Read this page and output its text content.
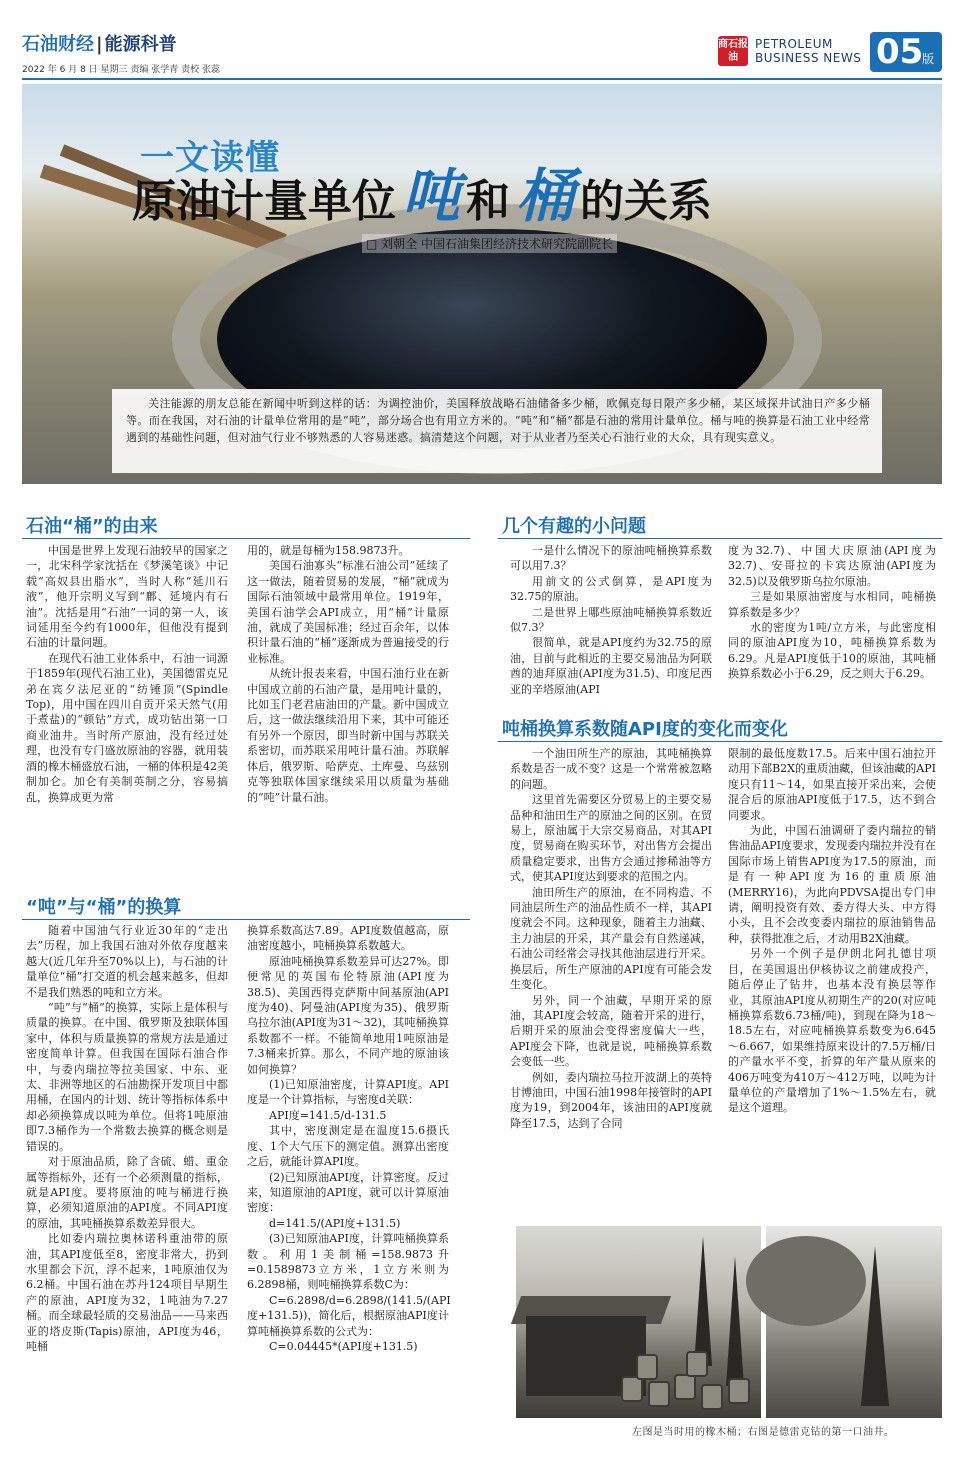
石油财经 | 能源科普
2022 年 6 月 8 日 星期三 责编 张学青 责校 张蕊
商石报油
PETROLEUM
BUSINESS NEWS 05
版
一文读懂
原油计量单位 吨 和 桶 的关系
□ 刘朝全 中国石油集团经济技术研究院副院长
关注能源的朋友总能在新闻中听到这样的话：为调控油价，美国释放战略石油储备多少桶，欧佩克每日限产多少桶，某区域探井试油日产多少桶等。而在我国，对石油的计量单位常用的是“吨”，部分场合也有用立方米的。“吨”和“桶”都是石油的常用计量单位。桶与吨的换算是石油工业中经常遇到的基础性问题，但对油气行业不够熟悉的人容易迷惑。搞清楚这个问题，对于从业者乃至关心石油行业的大众，具有现实意义。
石油“桶”的由来

中国是世界上发现石油较早的国家之一，北宋科学家沈括在《梦溪笔谈》中记载“高奴县出脂水”，当时人称“延川石液”，他开宗明义写到“鄜、延境内有石油”。沈括是用“石油”一词的第一人，该词延用至今约有1000年，但他没有提到石油的计量问题。

在现代石油工业体系中，石油一词源于1859年(现代石油工业)，美国德雷克兄弟在宾夕法尼亚的“纺锤顶”(Spindle Top)，用中国在四川自贡开采天然气(用于煮盐)的“顿钻”方式，成功钻出第一口商业油井。当时所产原油，没有经过处理，也没有专门盛放原油的容器，就用装酒的橡木桶盛放石油，一桶的体积是42美制加仑。加仑有美制英制之分，容易搞乱，换算成更为常

用的，就是每桶为158.9873升。

美国石油寡头“标准石油公司”延续了这一做法，随着贸易的发展，“桶”就成为国际石油领域中最常用单位。1919年，美国石油学会API成立，用“桶”计量原油，就成了美国标准；经过百余年，以体积计量石油的“桶”逐渐成为普遍接受的行业标准。

从统计报表来看，中国石油行业在新中国成立前的石油产量，是用吨计量的，比如玉门老君庙油田的产量。新中国成立后，这一做法继续沿用下来，其中可能还有另外一个原因，即当时新中国与苏联关系密切，而苏联采用吨计量石油。苏联解体后，俄罗斯、哈萨克、土库曼、乌兹别克等独联体国家继续采用以质量为基础的“吨”计量石油。

“吨”与“桶”的换算

随着中国油气行业近30年的“走出去”历程，加上我国石油对外依存度越来越大(近几年升至70%以上)，与石油的计量单位“桶”打交道的机会越来越多，但却不是我们熟悉的吨和立方米。

“吨”与“桶”的换算，实际上是体积与质量的换算。在中国、俄罗斯及独联体国家中，体积与质量换算的常规方法是通过密度简单计算。但我国在国际石油合作中，与委内瑞拉等拉美国家、中东、亚太、非洲等地区的石油勘探开发项目中都用桶，在国内的计划、统计等指标体系中却必须换算成以吨为单位。但将1吨原油即7.3桶作为一个常数去换算的概念则是错误的。

对于原油品质，除了含硫、蜡、重金属等指标外，还有一个必须测量的指标，就是API度。要将原油的吨与桶进行换算，必须知道原油的API度。不同API度的原油，其吨桶换算系数差异很大。

比如委内瑞拉奥林诺科重油带的原油，其API度低至8，密度非常大，扔到水里都会下沉，浮不起来，1吨原油仅为6.2桶。中国石油在苏丹124项目早期生产的原油，API度为32，1吨油为7.27桶。而全球最轻质的交易油品——马来西亚的塔皮斯(Tapis)原油，API度为46，吨桶

换算系数高达7.89。API度数值越高，原油密度越小，吨桶换算系数越大。

原油吨桶换算系数差异可达27%。即便常见的英国布伦特原油(API度为38.5)、美国西得克萨斯中间基原油(API度为40)、阿曼油(API度为35)、俄罗斯乌拉尔油(API度为31～32)，其吨桶换算系数都不一样。不能简单地用1吨原油是7.3桶来折算。那么，不同产地的原油该如何换算？

(1)已知原油密度，计算API度。API度是一个计算指标，与密度d关联：

API度=141.5/d-131.5

其中，密度测定是在温度15.6摄氏度、1个大气压下的测定值。测算出密度之后，就能计算API度。

(2)已知原油API度，计算密度。反过来，知道原油的API度，就可以计算原油密度：

d=141.5/(API度+131.5)

(3)已知原油API度，计算吨桶换算系数。利用1美制桶=158.9873升=0.1589873立方米，1立方米则为6.2898桶，则吨桶换算系数C为：

C=6.2898/d=6.2898/(141.5/(API度+131.5))，简化后，根据原油API度计算吨桶换算系数的公式为：

C=0.04445*(API度+131.5)

几个有趣的小问题

一是什么情况下的原油吨桶换算系数可以用7.3？

用前文的公式倒算，是API度为32.75的原油。

二是世界上哪些原油吨桶换算系数近似7.3？

很简单，就是API度约为32.75的原油，目前与此相近的主要交易油品为阿联酋的迪拜原油(API度为31.5)、印度尼西亚的辛塔原油(API

度为32.7)、中国大庆原油(API度为32.7)、安哥拉的卡宾达原油(API度为32.5)以及俄罗斯乌拉尔原油。

三是如果原油密度与水相同，吨桶换算系数是多少？

水的密度为1吨/立方米，与此密度相同的原油API度为10，吨桶换算系数为6.29。凡是API度低于10的原油，其吨桶换算系数必小于6.29，反之则大于6.29。

吨桶换算系数随API度的变化而变化

一个油田所生产的原油，其吨桶换算系数是否一成不变？这是一个常常被忽略的问题。

这里首先需要区分贸易上的主要交易品种和油田生产的原油之间的区别。在贸易上，原油属于大宗交易商品，对其API度，贸易商在购买环节，对出售方会提出质量稳定要求，出售方会通过掺稀油等方式，使其API度达到要求的范围之内。

油田所生产的原油，在不同构造、不同油层所生产的油品性质不一样，其API度就会不同。这种现象，随着主力油藏、主力油层的开采，其产量会有自然递减，石油公司经常会寻找其他油层进行开采。换层后，所生产原油的API度有可能会发生变化。

另外，同一个油藏，早期开采的原油，其API度会较高，随着开采的进行，后期开采的原油会变得密度偏大一些，API度会下降，也就是说，吨桶换算系数会变低一些。

例如，委内瑞拉马拉开波湖上的英特甘博油田，中国石油1998年接管时的API度为19，到2004年，该油田的API度就降至17.5，达到了合同

限制的最低度数17.5。后来中国石油拉开动用下部B2X的重质油藏，但该油藏的API度只有11～14，如果直接开采出来，会使混合后的原油API度低于17.5，达不到合同要求。

为此，中国石油调研了委内瑞拉的销售油品API度要求，发现委内瑞拉并没有在国际市场上销售API度为17.5的原油，而是有一种API度为16的重质原油(MERRY16)，为此向PDVSA提出专门申请，阐明投资有效、委方得大头、中方得小头，且不会改变委内瑞拉的原油销售品种，获得批准之后，才动用B2X油藏。

另外一个例子是伊朗北阿扎德甘项目，在美国退出伊核协议之前建成投产，随后停止了钻井，也基本没有换层等作业，其原油API度从初期生产的20(对应吨桶换算系数6.73桶/吨)，到现在降为18～18.5左右，对应吨桶换算系数变为6.645～6.667，如果维持原来设计的7.5万桶/日的产量水平不变，折算的年产量从原来的406万吨变为410万～412万吨，以吨为计量单位的产量增加了1%～1.5%左右，就是这个道理。

左图是当时用的橡木桶；右图是德雷克钻的第一口油井。
